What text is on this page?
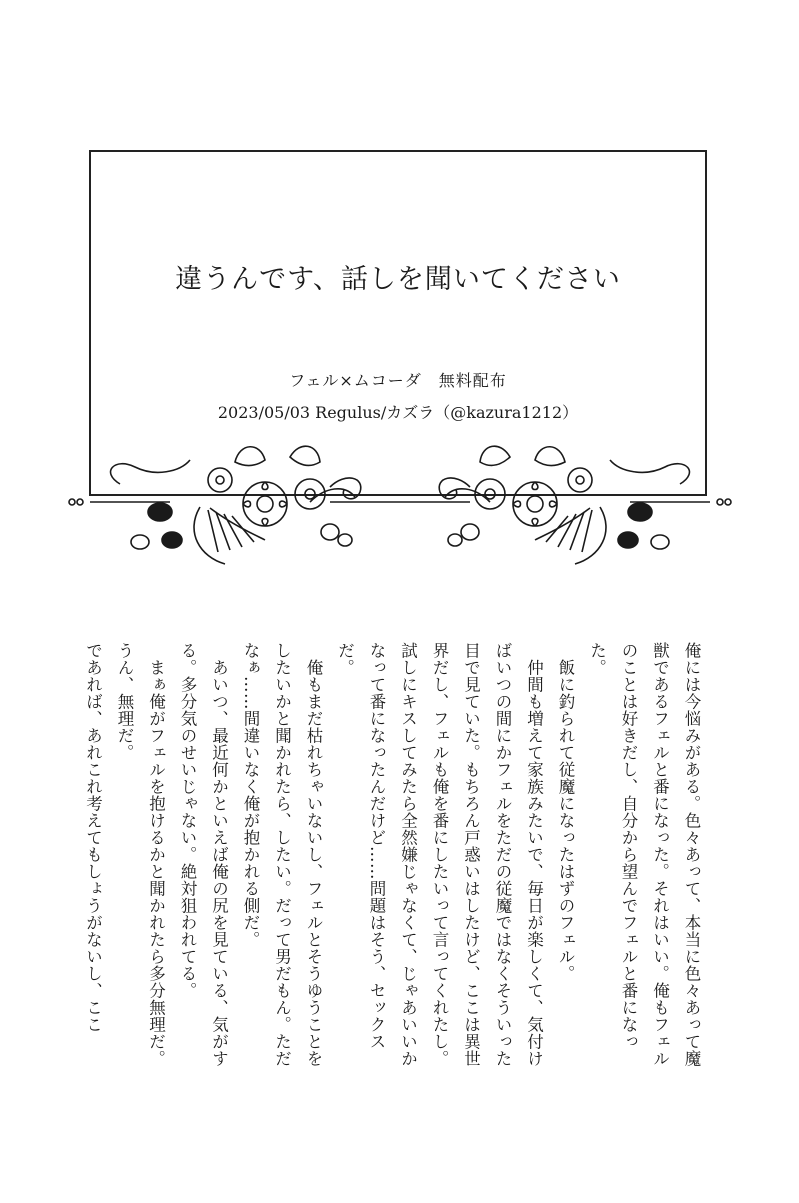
違うんです、話しを聞いてください
フェル×ムコーダ　無料配布
2023/05/03 Regulus/カズラ（@kazura1212）

俺には今悩みがある。色々あって、本当に色々あって魔獣であるフェルと番になった。それはいい。俺もフェルのことは好きだし、自分から望んでフェルと番になった。

飯に釣られて従魔になったはずのフェル。

仲間も増えて家族みたいで、毎日が楽しくて、気付けばいつの間にかフェルをただの従魔ではなくそういった目で見ていた。もちろん戸惑いはしたけど、ここは異世界だし、フェルも俺を番にしたいって言ってくれたし。

試しにキスしてみたら全然嫌じゃなくて、じゃあいいかなって番になったんだけど……問題はそう、セックスだ。

俺もまだ枯れちゃいないし、フェルとそうゆうことをしたいかと聞かれたら、したい。だって男だもん。ただなぁ……間違いなく俺が抱かれる側だ。

あいつ、最近何かといえば俺の尻を見ている、気がする。多分気のせいじゃない。絶対狙われてる。

まぁ俺がフェルを抱けるかと聞かれたら多分無理だ。うん、無理だ。

であれば、あれこれ考えてもしょうがないし、ここ
